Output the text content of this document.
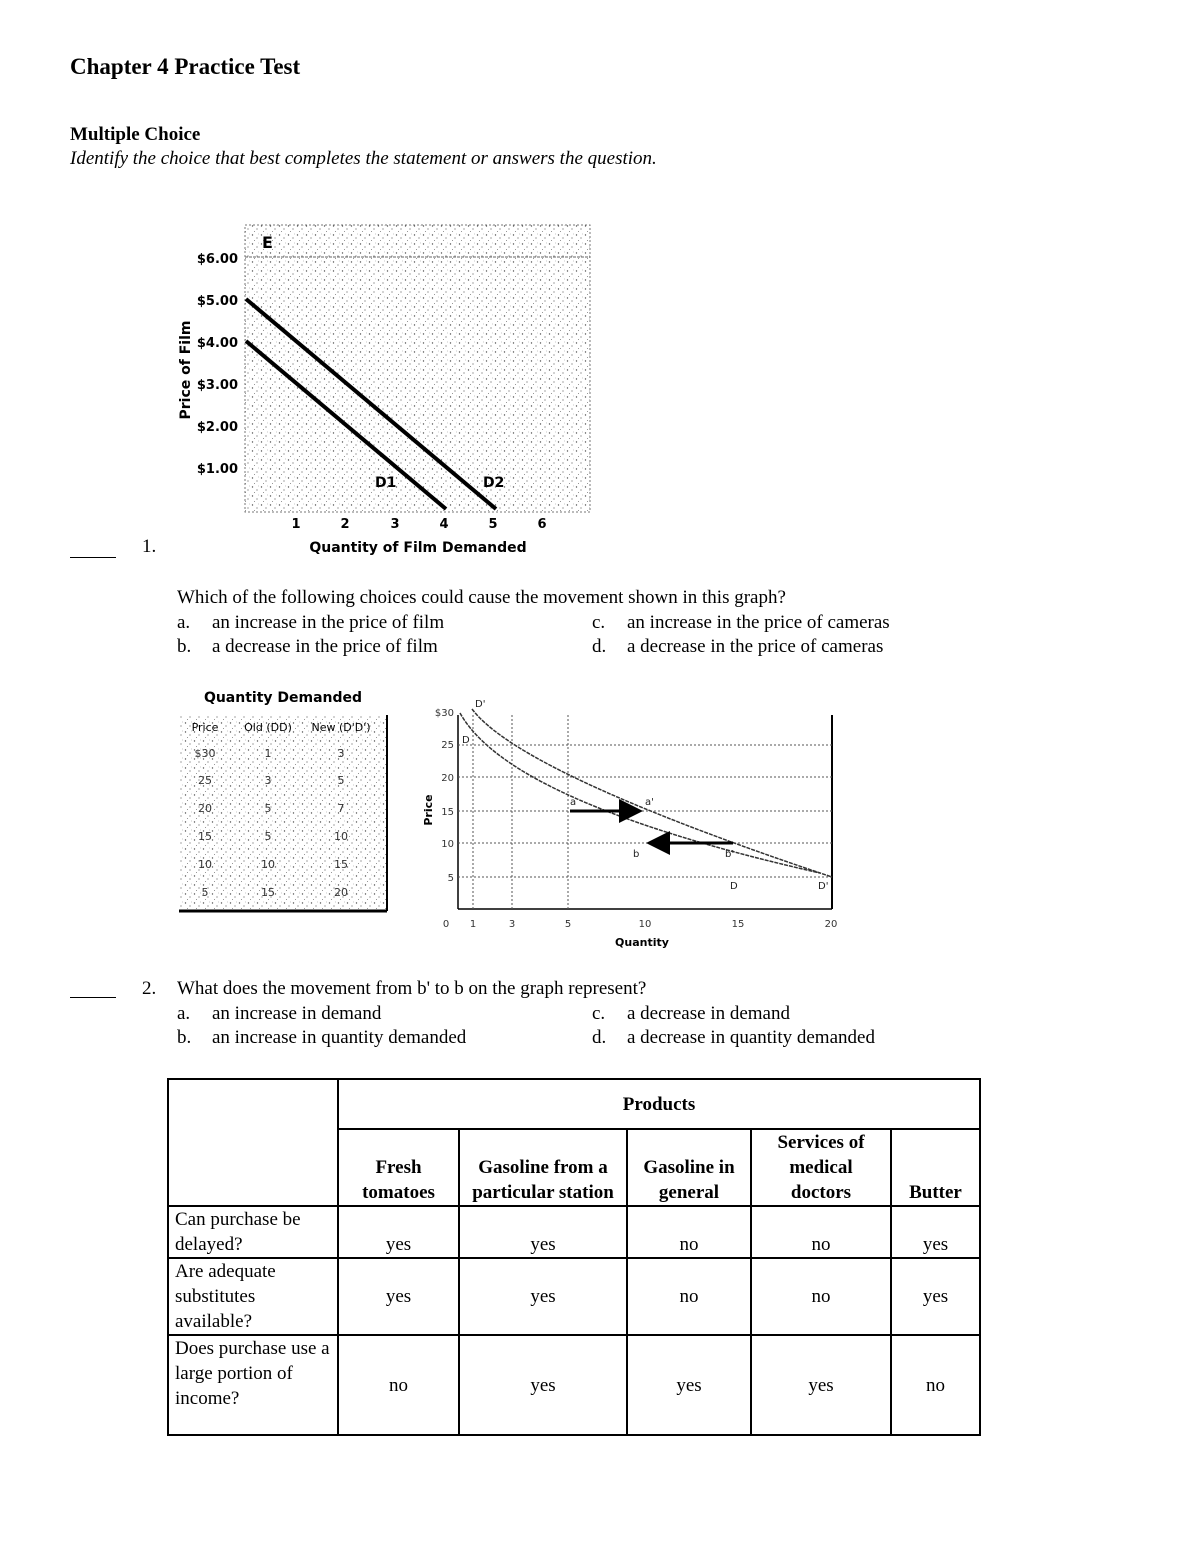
Chapter 4 Practice Test
Multiple Choice
Identify the choice that best completes the statement or answers the question.
E
$6.00
$5.00
$4.00
$3.00
$2.00
$1.00
1	2	3	4	5	6
Quantity of Film Demanded
Price of Film
D1	D2
1.
Which of the following choices could cause the movement shown in this graph?
a. an increase in the price of film
b. a decrease in the price of film
c. an increase in the price of cameras
d. a decrease in the price of cameras
Quantity Demanded
Price Old (DD) New (D'D')
$30	1	3
25	3	5
20	5	7
15	5	10
10	10	15
5	15	20
$30
25
20
15
10
5
0 1	3	5	10	15	20
Quantity
Price
D'
D
a	a'
b	b'
D	D'
2. What does the movement from b' to b on the graph represent?
a. an increase in demand
b. an increase in quantity demanded
c. a decrease in demand
d. a decrease in quantity demanded
	Products				
	Fresh tomatoes	Gasoline from a particular station	Gasoline in general	Services of medical doctors	Butter
Can purchase be delayed?	yes	yes	no	no	yes
Are adequate substitutes available?	yes	yes	no	no	yes
Does purchase use a large portion of income?	no	yes	yes	yes	no
